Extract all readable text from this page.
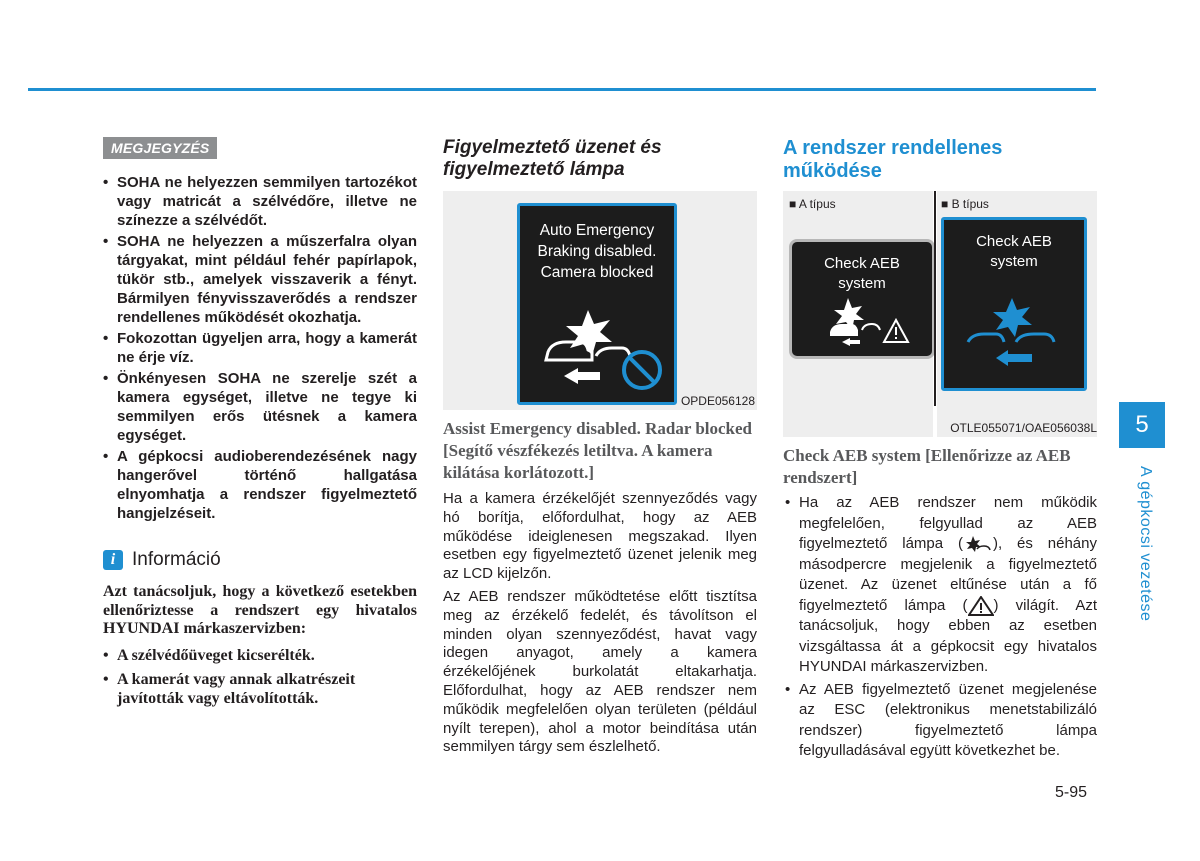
MEGJEGYZÉS
• SOHA ne helyezzen semmilyen tartozékot vagy matricát a szélvédőre, illetve ne színezze a szélvédőt.
• SOHA ne helyezzen a műszerfalra olyan tárgyakat, mint például fehér papírlapok, tükör stb., amelyek visszaverik a fényt. Bármilyen fényvisszaverődés a rendszer rendellenes működését okozhatja.
• Fokozottan ügyeljen arra, hogy a kamerát ne érje víz.
• Önkényesen SOHA ne szerelje szét a kamera egységet, illetve ne tegye ki semmilyen erős ütésnek a kamera egységet.
• A gépkocsi audioberendezésének nagy hangerővel történő hallgatása elnyomhatja a rendszer figyelmeztető hangjelzéseit.
i Információ
Azt tanácsoljuk, hogy a következő esetekben ellenőriztesse a rendszert egy hivatalos HYUNDAI márkaszervizben:
• A szélvédőüveget kicserélték.
• A kamerát vagy annak alkatrészeit javították vagy eltávolították.
Figyelmeztető üzenet és
figyelmeztető lámpa
Auto Emergency
Braking disabled.
Camera blocked
OPDE056128
Assist Emergency disabled. Radar blocked [Segítő vészfékezés letiltva. A kamera kilátása korlátozott.]

Ha a kamera érzékelőjét szennyeződés vagy hó borítja, előfordulhat, hogy az AEB működése ideiglenesen megszakad. Ilyen esetben egy figyelmeztető üzenet jelenik meg az LCD kijelzőn.

Az AEB rendszer működtetése előtt tisztítsa meg az érzékelő fedelét, és távolítson el minden olyan szennyeződést, havat vagy idegen anyagot, amely a kamera érzékelőjének burkolatát eltakarhatja. Előfordulhat, hogy az AEB rendszer nem működik megfelelően olyan területen (például nyílt terepen), ahol a motor beindítása után semmilyen tárgy sem észlelhető.

A rendszer rendellenes
működése
■ A típus
Check AEB
system
■ B típus
Check AEB
system
OTLE055071/OAE056038L
Check AEB system [Ellenőrizze az AEB rendszert]
• Ha az AEB rendszer nem működik megfelelően, felgyullad az AEB figyelmeztető lámpa ( ), és néhány másodpercre megjelenik a figyelmeztető üzenet. Az üzenet eltűnése után a fő figyelmeztető lámpa ( ) világít. Azt tanácsoljuk, hogy ebben az esetben vizsgáltassa át a gépkocsit egy hivatalos HYUNDAI márkaszervizben.
• Az AEB figyelmeztető üzenet megjelenése az ESC (elektronikus menetstabilizáló rendszer) figyelmeztető lámpa felgyulladásával együtt következhet be.
5
A gépkocsi vezetése
5-95
